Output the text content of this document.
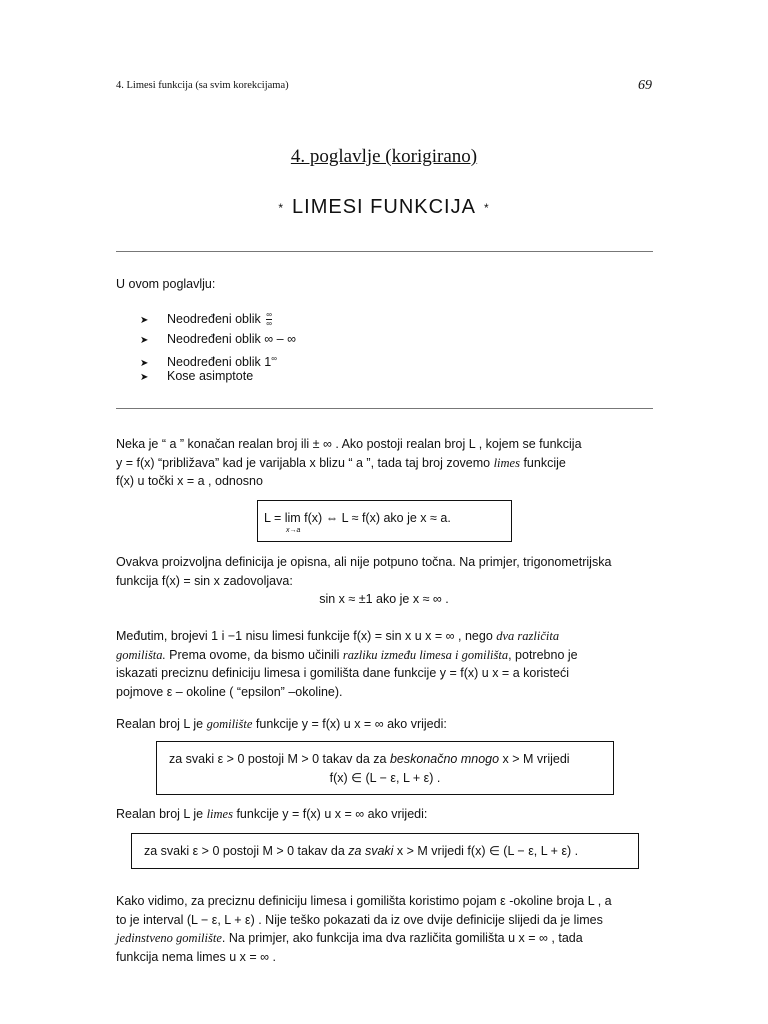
4. Limesi funkcija (sa svim korekcijama)	69
4. poglavlje (korigirano)
* LIMESI FUNKCIJA *
U ovom poglavlju:
➤ Neodređeni oblik $\frac{\infty}{\infty}$
➤ Neodređeni oblik ∞ – ∞
➤ Neodređeni oblik 1∞
➤ Kose asimptote
Neka je “ a ” konačan realan broj ili ± ∞ . Ako postoji realan broj L , kojem se funkcija
y = f(x) “približava” kad je varijabla x blizu “ a ”, tada taj broj zovemo limes funkcije
f(x) u točki x = a , odnosno
L = lim f(x) ⇔ L ≈ f(x) ako je x ≈ a.
x→a
Ovakva proizvoljna definicija je opisna, ali nije potpuno točna. Na primjer, trigonometrijska
funkcija f(x) = sin x zadovoljava:
sin x ≈ ±1 ako je x ≈ ∞ .
Međutim, brojevi 1 i −1 nisu limesi funkcije f(x) = sin x u x = ∞ , nego dva različita
gomilišta. Prema ovome, da bismo učinili razliku između limesa i gomilišta, potrebno je
iskazati preciznu definiciju limesa i gomilišta dane funkcije y = f(x) u x = a koristeći
pojmove ε – okoline ( “epsilon” –okoline).
Realan broj L je gomilište funkcije y = f(x) u x = ∞ ako vrijedi:
za svaki ε > 0 postoji M > 0 takav da za beskonačno mnogo x > M vrijedi
f(x) ∈ (L − ε, L + ε) .
Realan broj L je limes funkcije y = f(x) u x = ∞ ako vrijedi:
za svaki ε > 0 postoji M > 0 takav da za svaki x > M vrijedi f(x) ∈ (L − ε, L + ε) .
Kako vidimo, za preciznu definiciju limesa i gomilišta koristimo pojam ε -okoline broja L , a
to je interval (L − ε, L + ε) . Nije teško pokazati da iz ove dvije definicije slijedi da je limes
jedinstveno gomilište. Na primjer, ako funkcija ima dva različita gomilišta u x = ∞ , tada
funkcija nema limes u x = ∞ .
